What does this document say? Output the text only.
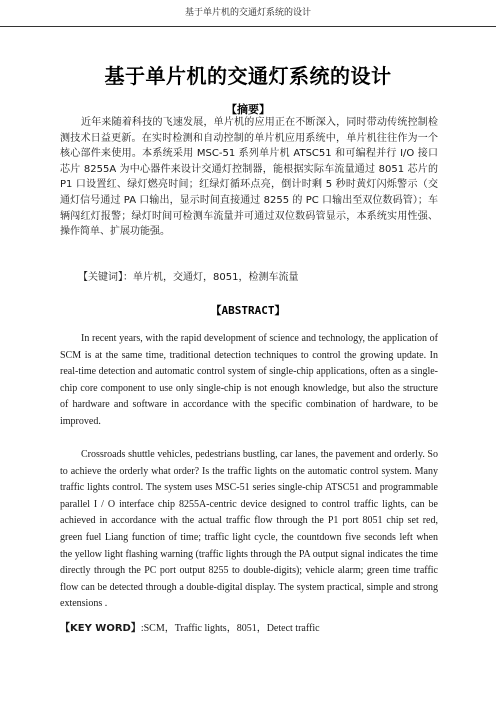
基于单片机的交通灯系统的设计
基于单片机的交通灯系统的设计
【摘要】

近年来随着科技的飞速发展，单片机的应用正在不断深入，同时带动传统控制检测技术日益更新。在实时检测和自动控制的单片机应用系统中，单片机往往作为一个核心部件来使用。本系统采用 MSC-51 系列单片机 ATSC51 和可编程并行 I/O 接口芯片 8255A 为中心器件来设计交通灯控制器，能根据实际车流量通过 8051 芯片的 P1 口设置红、绿灯燃亮时间；红绿灯循环点亮，倒计时剩 5 秒时黄灯闪烁警示（交通灯信号通过 PA 口输出，显示时间直接通过 8255 的 PC 口输出至双位数码管）；车辆闯红灯报警；绿灯时间可检测车流量并可通过双位数码管显示，本系统实用性强、操作简单、扩展功能强。

【关键词】：单片机，交通灯，8051，检测车流量

【ABSTRACT】

In recent years, with the rapid development of science and technology, the application of SCM is at the same time, traditional detection techniques to control the growing update. In real-time detection and automatic control system of single-chip applications, often as a single-chip core component to use only single-chip is not enough knowledge, but also the structure of hardware and software in accordance with the specific combination of hardware, to be improved.

Crossroads shuttle vehicles, pedestrians bustling, car lanes, the pavement and orderly. So to achieve the orderly what order? Is the traffic lights on the automatic control system. Many traffic lights control. The system uses MSC-51 series single-chip ATSC51 and programmable parallel I / O interface chip 8255A-centric device designed to control traffic lights, can be achieved in accordance with the actual traffic flow through the P1 port 8051 chip set red, green fuel Liang function of time; traffic light cycle, the countdown five seconds left when the yellow light flashing warning (traffic lights through the PA output signal indicates the time directly through the PC port output 8255 to double-digits); vehicle alarm; green time traffic flow can be detected through a double-digital display. The system practical, simple and strong extensions .

【KEY WORD】:SCM，Traffic lights，8051，Detect traffic
